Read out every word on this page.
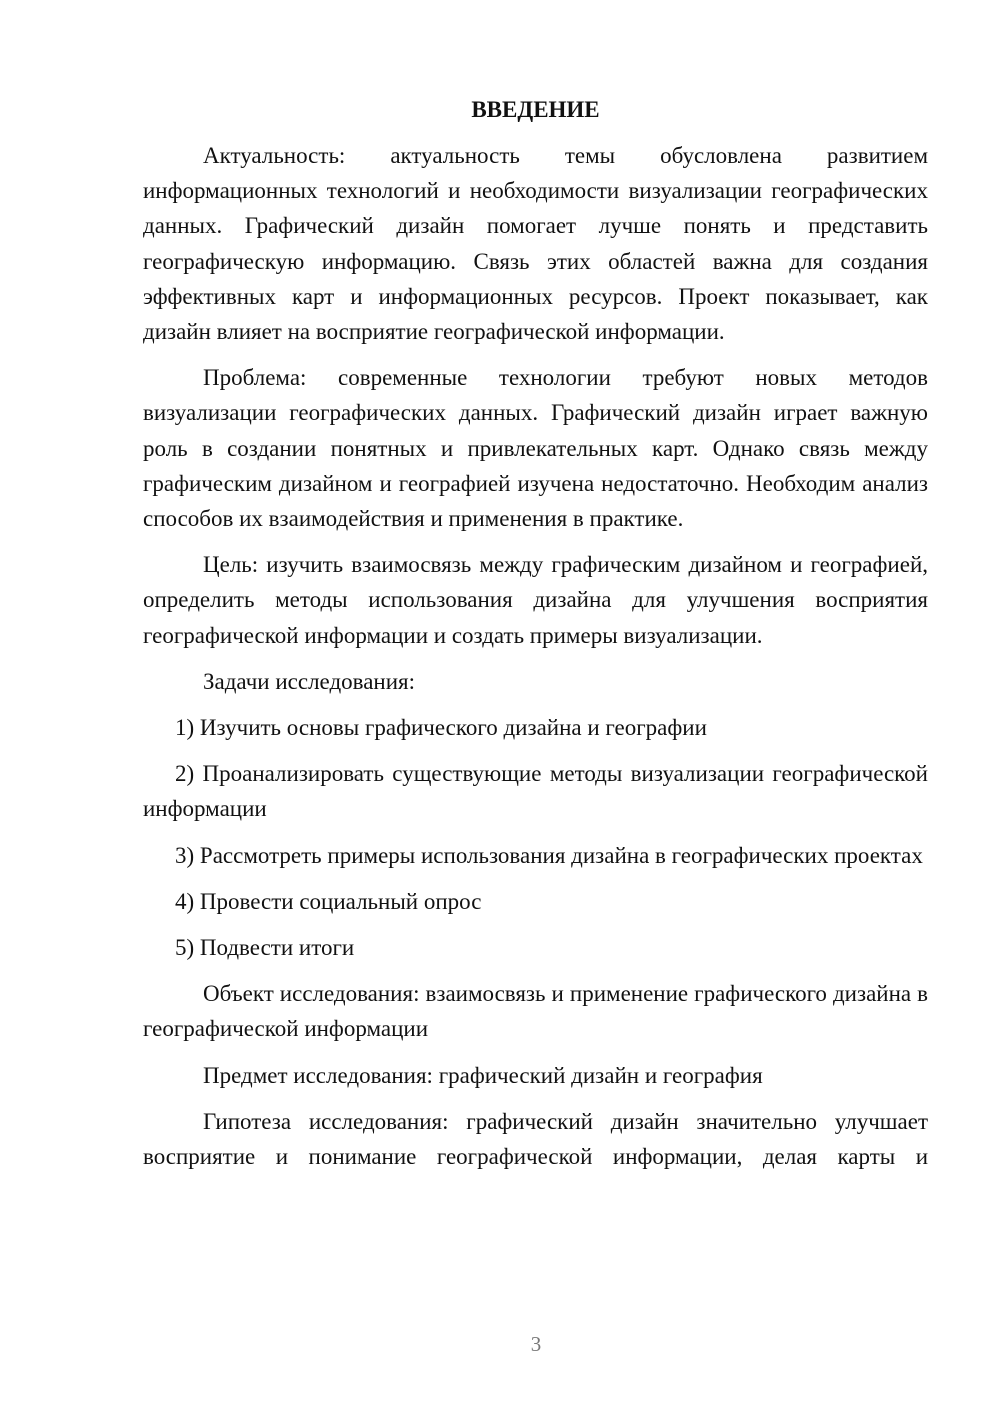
ВВЕДЕНИЕ

Актуальность: актуальность темы обусловлена развитием информационных технологий и необходимости визуализации географических данных. Графический дизайн помогает лучше понять и представить географическую информацию. Связь этих областей важна для создания эффективных карт и информационных ресурсов. Проект показывает, как дизайн влияет на восприятие географической информации.

Проблема: современные технологии требуют новых методов визуализации географических данных. Графический дизайн играет важную роль в создании понятных и привлекательных карт. Однако связь между графическим дизайном и географией изучена недостаточно. Необходим анализ способов их взаимодействия и применения в практике.

Цель: изучить взаимосвязь между графическим дизайном и географией, определить методы использования дизайна для улучшения восприятия географической информации и создать примеры визуализации.

Задачи исследования:

1) Изучить основы графического дизайна и географии

2) Проанализировать существующие методы визуализации географической информации

3) Рассмотреть примеры использования дизайна в географических проектах

4) Провести социальный опрос

5) Подвести итоги

Объект исследования: взаимосвязь и применение графического дизайна в географической информации

Предмет исследования: графический дизайн и география

Гипотеза исследования: графический дизайн значительно улучшает восприятие и понимание географической информации, делая карты и

3
